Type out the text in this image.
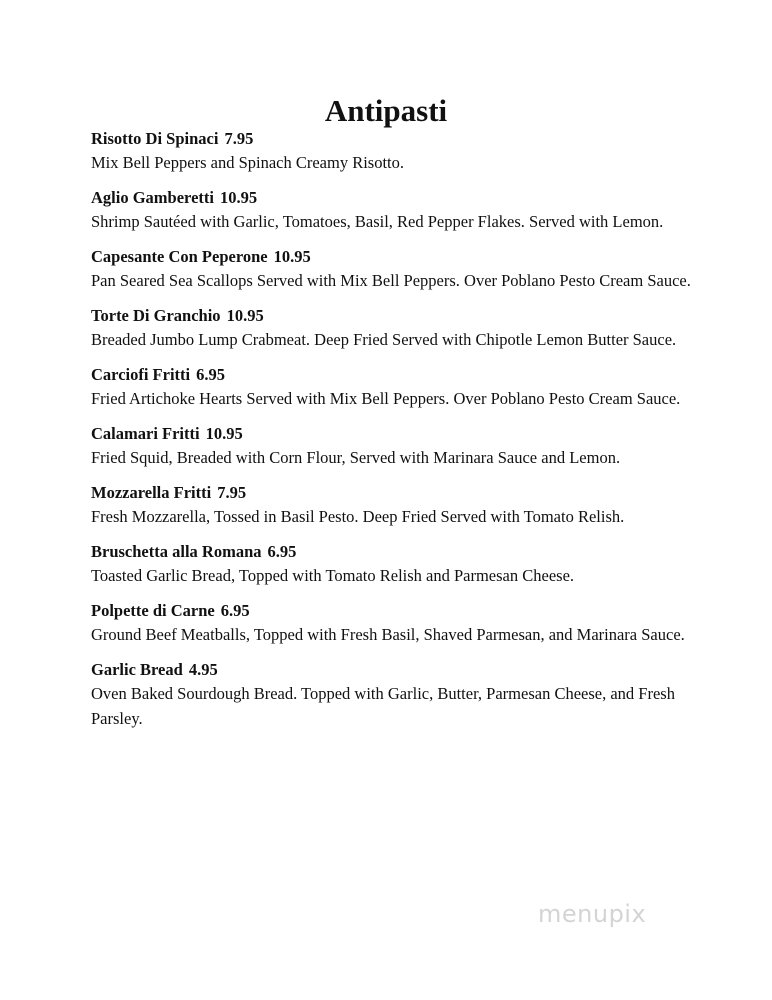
Antipasti
Risotto Di Spinaci 7.95
Mix Bell Peppers and Spinach Creamy Risotto.
Aglio Gamberetti 10.95
Shrimp Sautéed with Garlic, Tomatoes, Basil, Red Pepper Flakes. Served with Lemon.
Capesante Con Peperone 10.95
Pan Seared Sea Scallops Served with Mix Bell Peppers. Over Poblano Pesto Cream Sauce.
Torte Di Granchio 10.95
Breaded Jumbo Lump Crabmeat. Deep Fried Served with Chipotle Lemon Butter Sauce.
Carciofi Fritti 6.95
Fried Artichoke Hearts Served with Mix Bell Peppers. Over Poblano Pesto Cream Sauce.
Calamari Fritti 10.95
Fried Squid, Breaded with Corn Flour, Served with Marinara Sauce and Lemon.
Mozzarella Fritti 7.95
Fresh Mozzarella, Tossed in Basil Pesto. Deep Fried Served with Tomato Relish.
Bruschetta alla Romana 6.95
Toasted Garlic Bread, Topped with Tomato Relish and Parmesan Cheese.
Polpette di Carne 6.95
Ground Beef Meatballs, Topped with Fresh Basil, Shaved Parmesan, and Marinara Sauce.
Garlic Bread 4.95
Oven Baked Sourdough Bread. Topped with Garlic, Butter, Parmesan Cheese, and Fresh Parsley.
menupix
